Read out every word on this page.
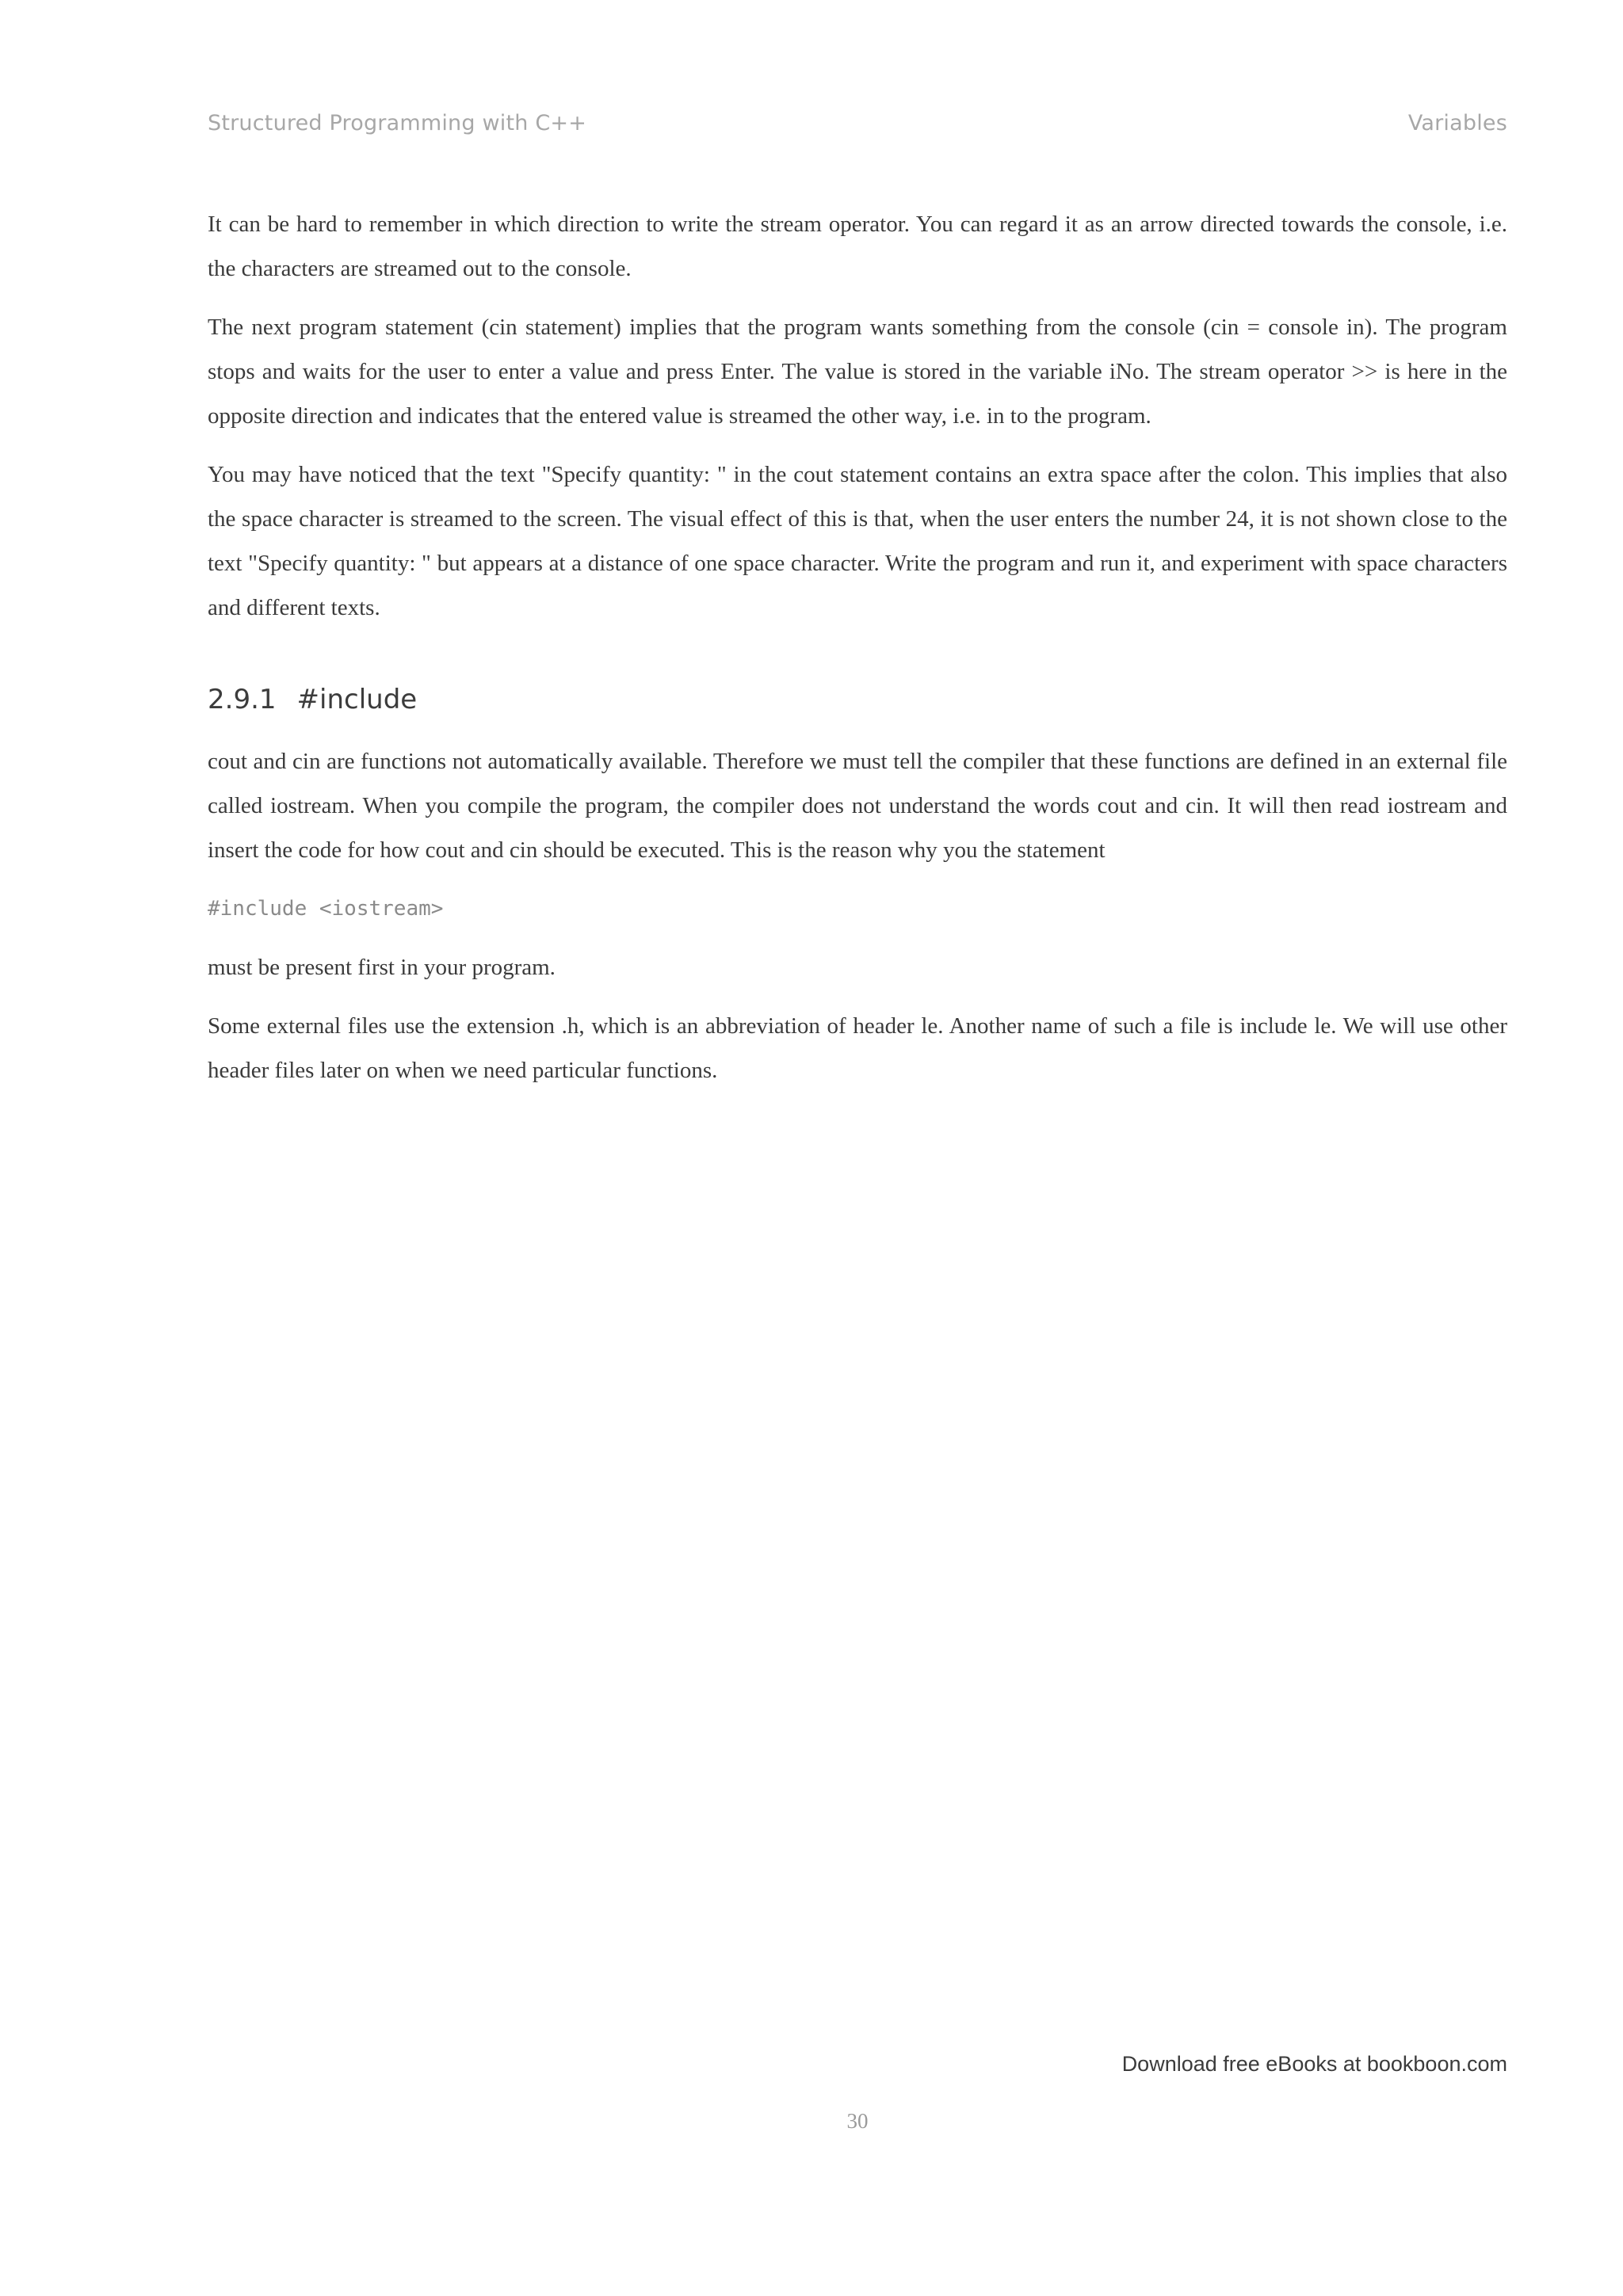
Structured Programming with C++	Variables

It can be hard to remember in which direction to write the stream operator. You can regard it as an arrow directed towards the console, i.e. the characters are streamed out to the console.

The next program statement (cin statement) implies that the program wants something from the console (cin = console in). The program stops and waits for the user to enter a value and press Enter. The value is stored in the variable iNo. The stream operator >> is here in the opposite direction and indicates that the entered value is streamed the other way, i.e. in to the program.

You may have noticed that the text "Specify quantity: " in the cout statement contains an extra space after the colon. This implies that also the space character is streamed to the screen. The visual effect of this is that, when the user enters the number 24, it is not shown close to the text "Specify quantity: " but appears at a distance of one space character. Write the program and run it, and experiment with space characters and different texts.

2.9.1 #include

cout and cin are functions not automatically available. Therefore we must tell the compiler that these functions are defined in an external file called iostream. When you compile the program, the compiler does not understand the words cout and cin. It will then read iostream and insert the code for how cout and cin should be executed. This is the reason why you the statement

#include <iostream>

must be present first in your program.

Some external files use the extension .h, which is an abbreviation of header le. Another name of such a file is include le. We will use other header files later on when we need particular functions.

Download free eBooks at bookboon.com
30
